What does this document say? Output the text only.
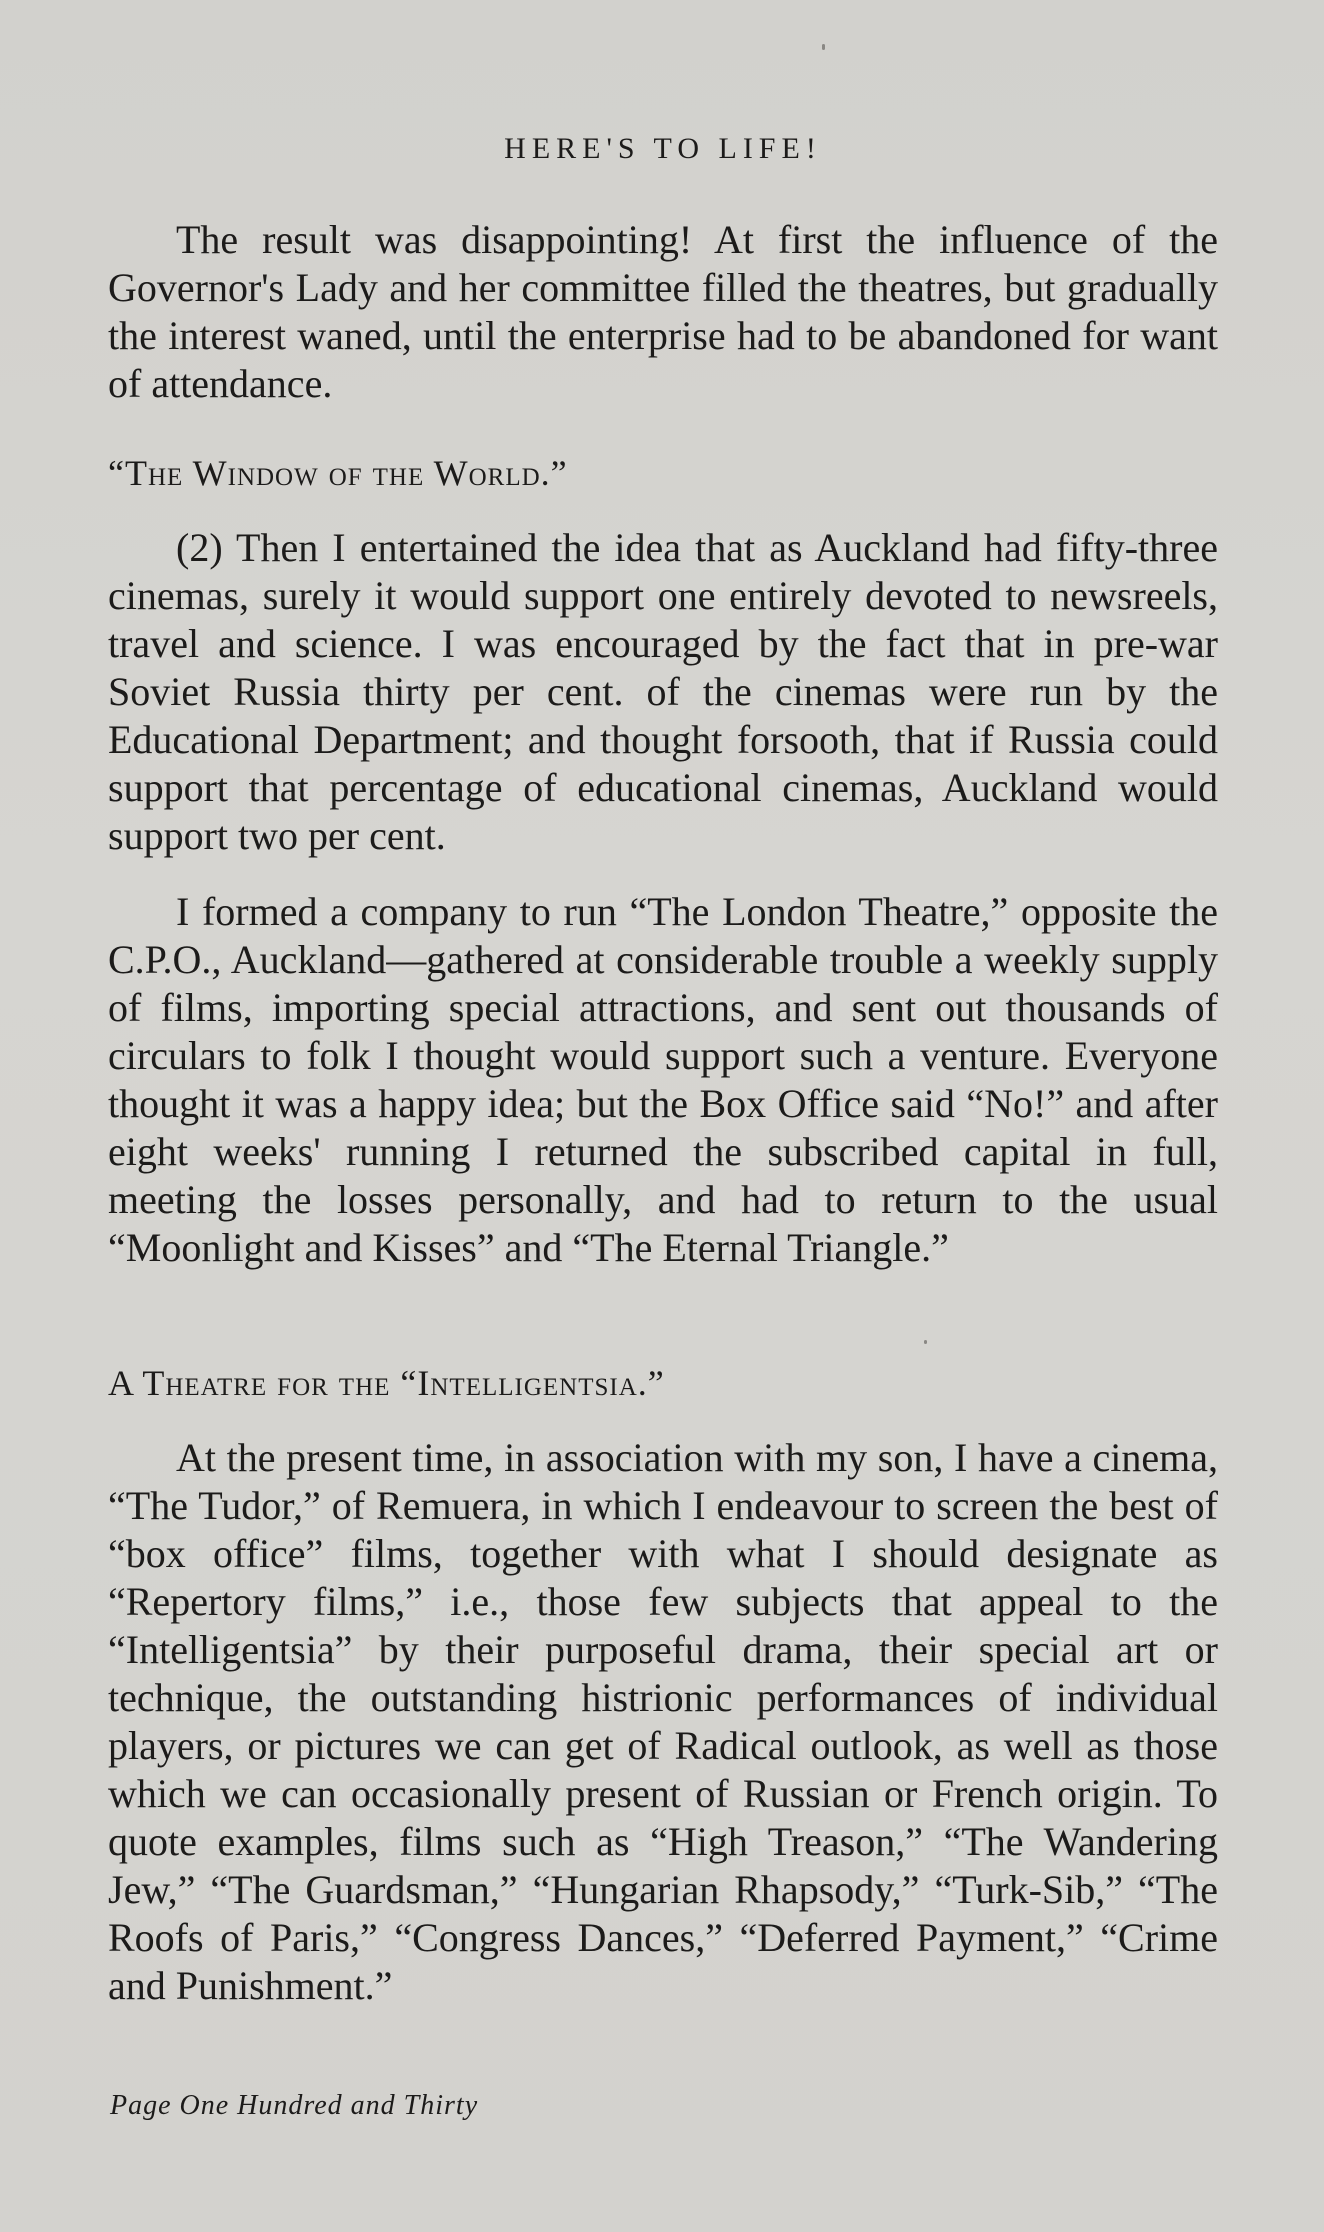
HERE'S TO LIFE!

The result was disappointing! At first the influence of the Governor's Lady and her committee filled the theatres, but gradually the interest waned, until the enterprise had to be abandoned for want of attendance.

“The Window of the World.”

(2) Then I entertained the idea that as Auckland had fifty-three cinemas, surely it would support one entirely devoted to newsreels, travel and science. I was encouraged by the fact that in pre-war Soviet Russia thirty per cent. of the cinemas were run by the Educational Department; and thought forsooth, that if Russia could support that percentage of educational cinemas, Auckland would support two per cent.

I formed a company to run “The London Theatre,” opposite the C.P.O., Auckland—gathered at considerable trouble a weekly supply of films, importing special attractions, and sent out thousands of circulars to folk I thought would support such a venture. Everyone thought it was a happy idea; but the Box Office said “No!” and after eight weeks' running I returned the subscribed capital in full, meeting the losses personally, and had to return to the usual “Moonlight and Kisses” and “The Eternal Triangle.”

A Theatre for the “Intelligentsia.”

At the present time, in association with my son, I have a cinema, “The Tudor,” of Remuera, in which I endeavour to screen the best of “box office” films, together with what I should designate as “Repertory films,” i.e., those few subjects that appeal to the “Intelligentsia” by their purposeful drama, their special art or technique, the outstanding histrionic performances of individual players, or pictures we can get of Radical outlook, as well as those which we can occasionally present of Russian or French origin. To quote examples, films such as “High Treason,” “The Wandering Jew,” “The Guardsman,” “Hungarian Rhapsody,” “Turk-Sib,” “The Roofs of Paris,” “Congress Dances,” “Deferred Payment,” “Crime and Punishment.”

Page One Hundred and Thirty
